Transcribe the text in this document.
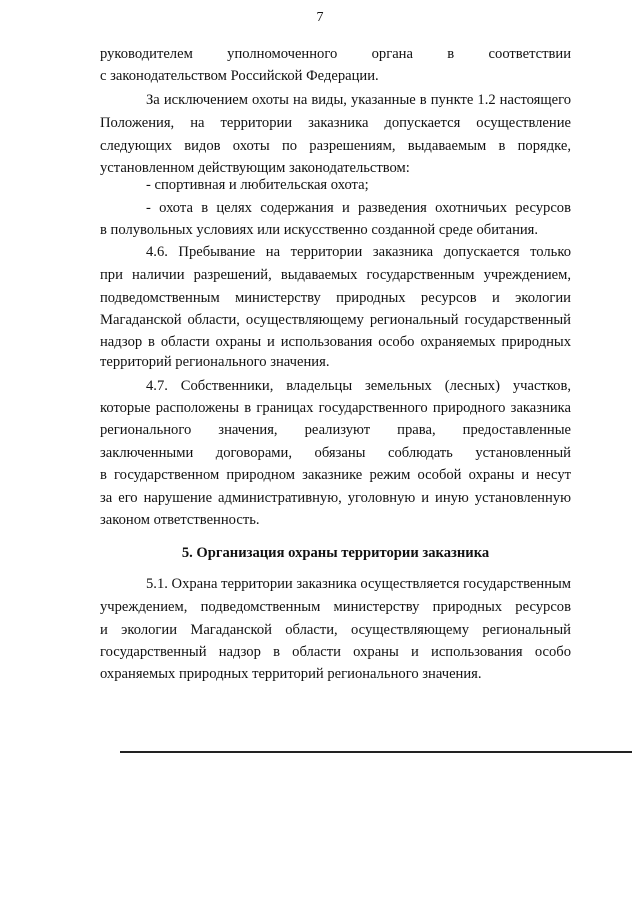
7
руководителем уполномоченного органа в соответствии
с законодательством Российской Федерации.
За исключением охоты на виды, указанные в пункте 1.2 настоящего
Положения, на территории заказника допускается осуществление
следующих видов охоты по разрешениям, выдаваемым в порядке,
установленном действующим законодательством:
- спортивная и любительская охота;
- охота в целях содержания и разведения охотничьих ресурсов
в полувольных условиях или искусственно созданной среде обитания.
4.6. Пребывание на территории заказника допускается только
при наличии разрешений, выдаваемых государственным учреждением,
подведомственным министерству природных ресурсов и экологии
Магаданской области, осуществляющему региональный государственный
надзор в области охраны и использования особо охраняемых природных
территорий регионального значения.
4.7. Собственники, владельцы земельных (лесных) участков,
которые расположены в границах государственного природного заказника
регионального значения, реализуют права, предоставленные
заключенными договорами, обязаны соблюдать установленный
в государственном природном заказнике режим особой охраны и несут
за его нарушение административную, уголовную и иную установленную
законом ответственность.
5. Организация охраны территории заказника
5.1. Охрана территории заказника осуществляется государственным
учреждением, подведомственным министерству природных ресурсов
и экологии Магаданской области, осуществляющему региональный
государственный надзор в области охраны и использования особо
охраняемых природных территорий регионального значения.
